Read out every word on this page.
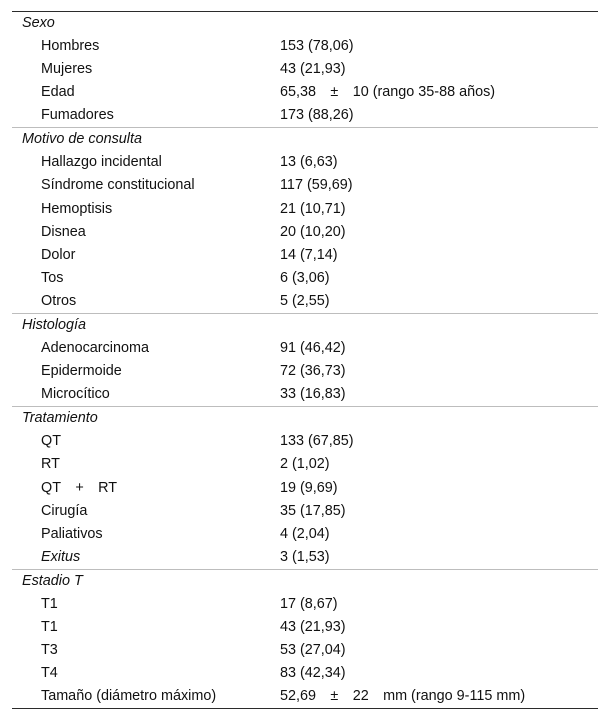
Sexo
Hombres	153 (78,06)
Mujeres	43 (21,93)
Edad	65,38 ± 10 (rango 35-88 años)
Fumadores	173 (88,26)
Motivo de consulta
Hallazgo incidental	13 (6,63)
Síndrome constitucional	117 (59,69)
Hemoptisis	21 (10,71)
Disnea	20 (10,20)
Dolor	14 (7,14)
Tos	6 (3,06)
Otros	5 (2,55)
Histología
Adenocarcinoma	91 (46,42)
Epidermoide	72 (36,73)
Microcítico	33 (16,83)
Tratamiento
QT	133 (67,85)
RT	2 (1,02)
QT + RT	19 (9,69)
Cirugía	35 (17,85)
Paliativos	4 (2,04)
Exitus	3 (1,53)
Estadio T
T1	17 (8,67)
T1	43 (21,93)
T3	53 (27,04)
T4	83 (42,34)
Tamaño (diámetro máximo)	52,69 ± 22 mm (rango 9-115 mm)
